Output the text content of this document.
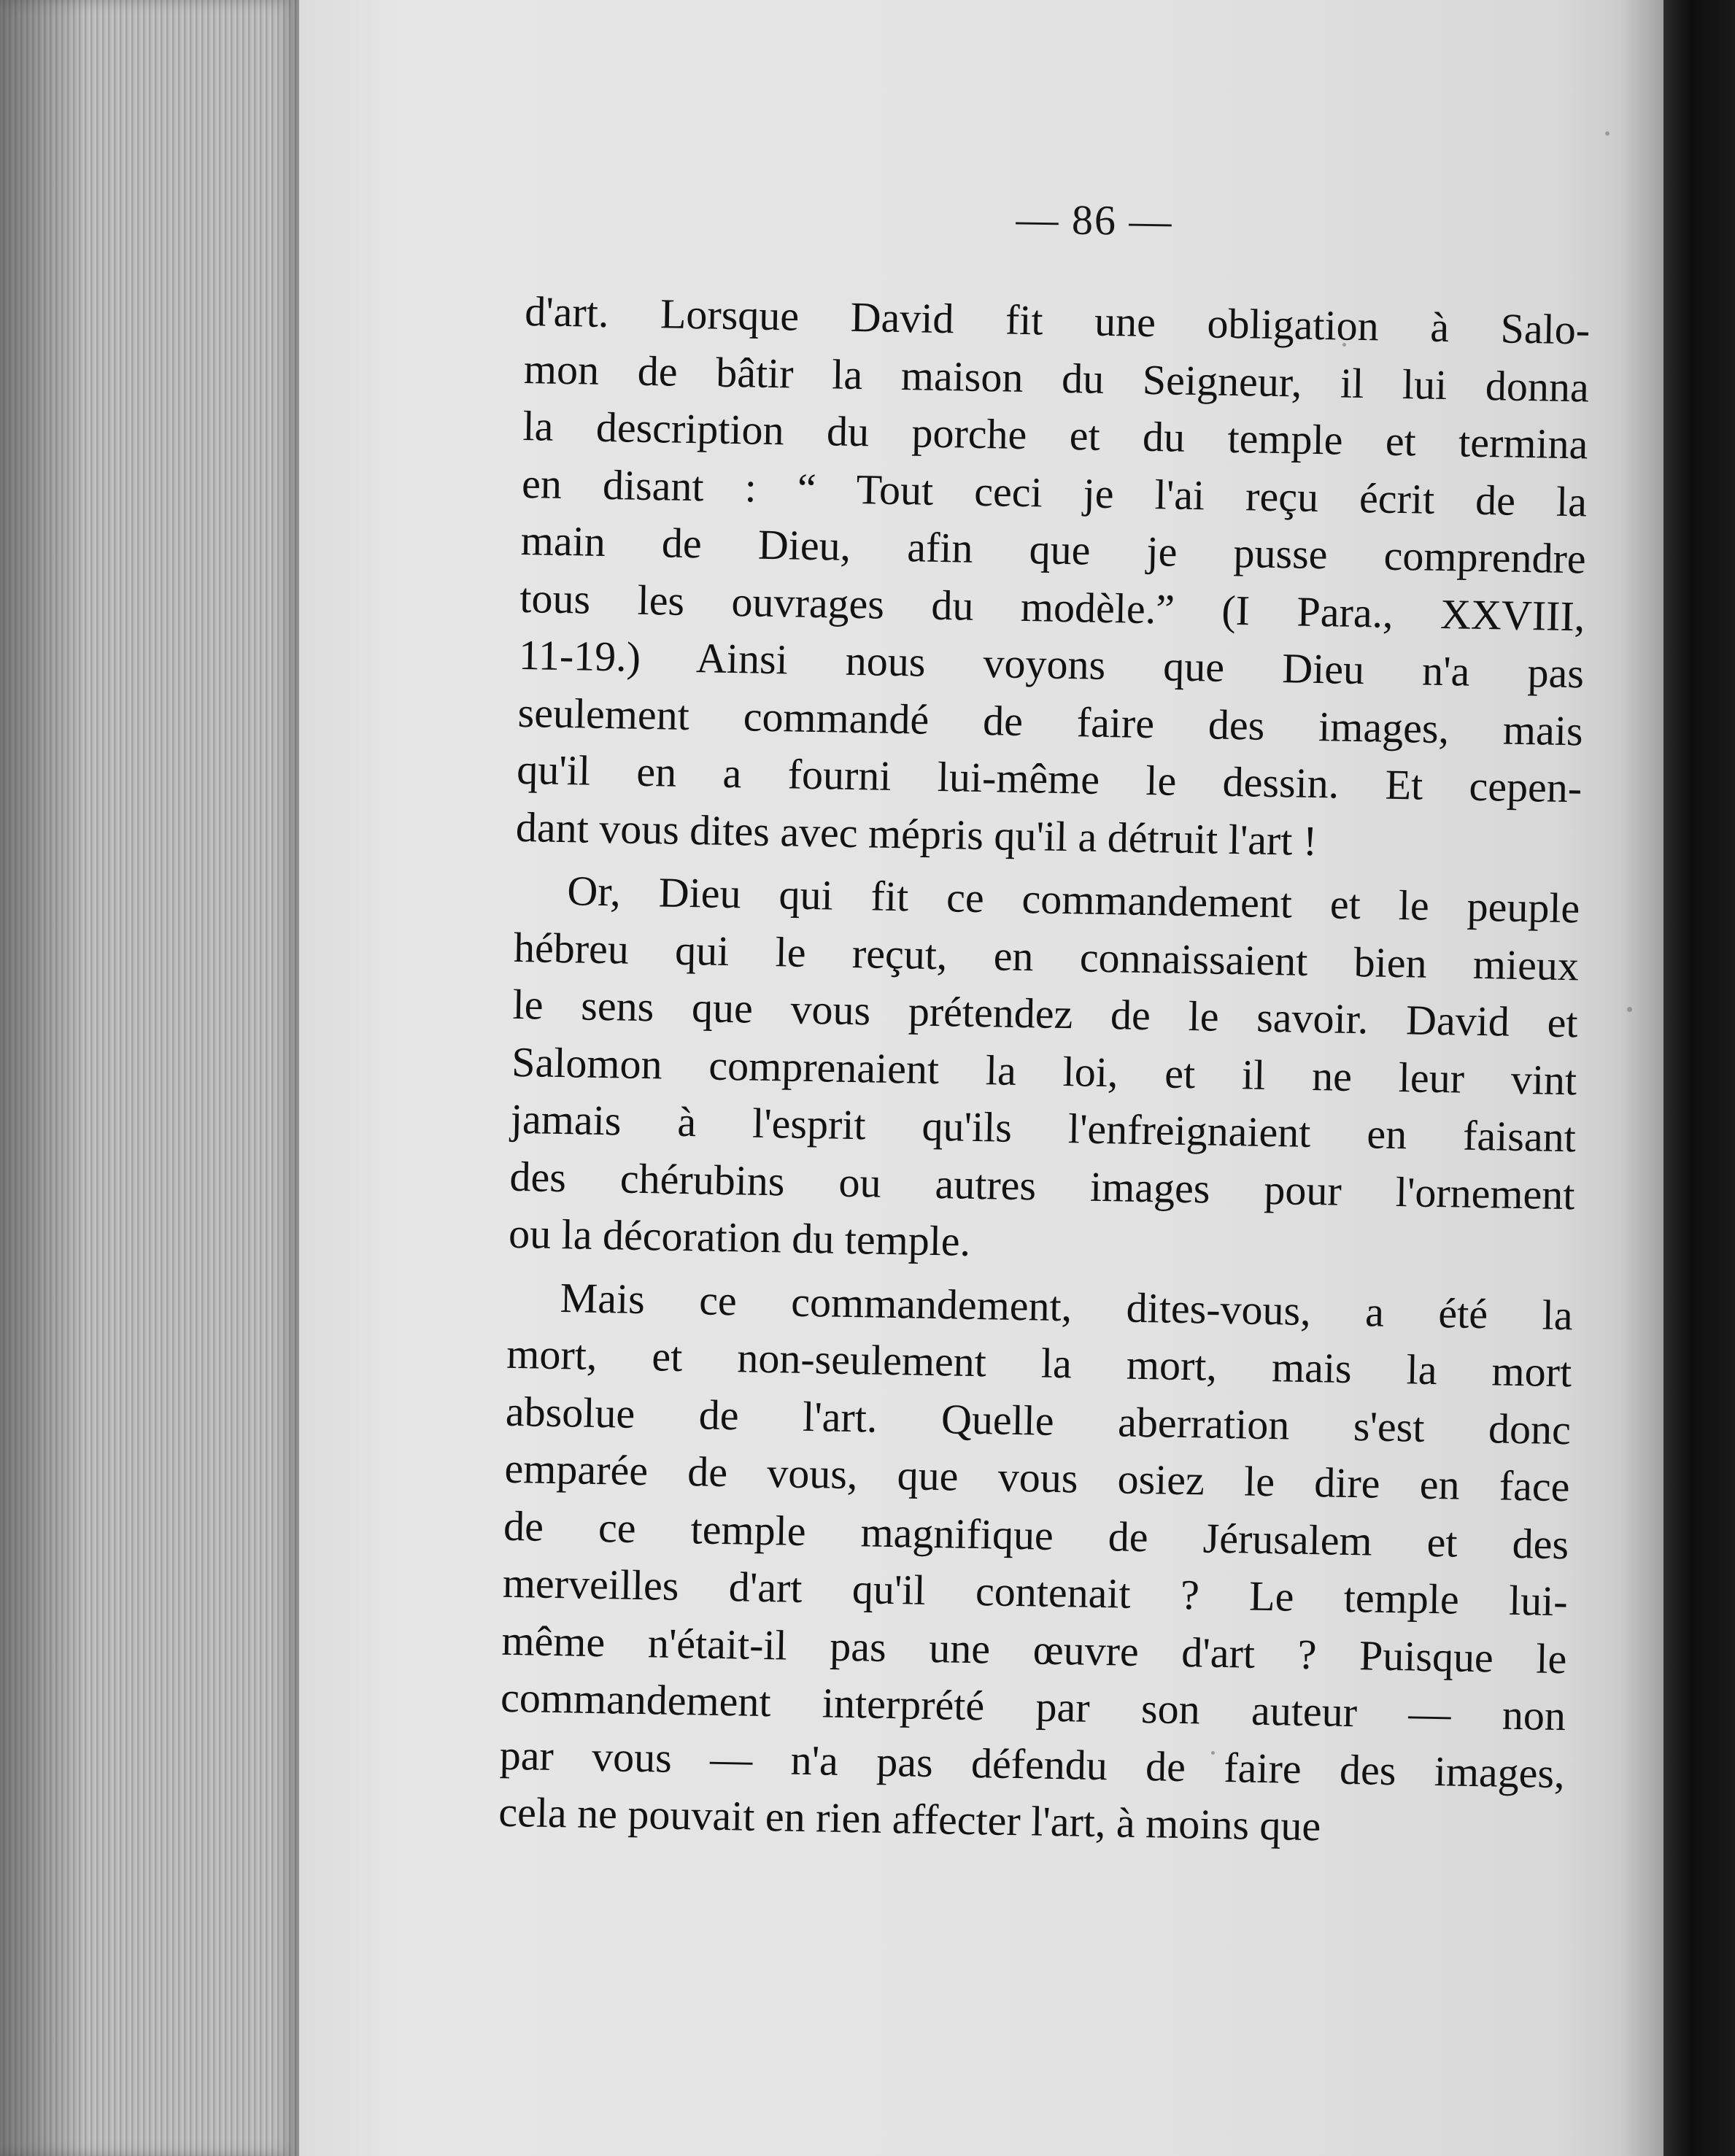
— 86 —
d'art. Lorsque David fit une obligation à Salo-
mon de bâtir la maison du Seigneur, il lui donna
la description du porche et du temple et termina
en disant : “ Tout ceci je l'ai reçu écrit de la
main de Dieu, afin que je pusse comprendre
tous les ouvrages du modèle.” (I Para., XXVIII,
11-19.) Ainsi nous voyons que Dieu n'a pas
seulement commandé de faire des images, mais
qu'il en a fourni lui-même le dessin. Et cepen-
dant vous dites avec mépris qu'il a détruit l'art !
Or, Dieu qui fit ce commandement et le peuple
hébreu qui le reçut, en connaissaient bien mieux
le sens que vous prétendez de le savoir. David et
Salomon comprenaient la loi, et il ne leur vint
jamais à l'esprit qu'ils l'enfreignaient en faisant
des chérubins ou autres images pour l'ornement
ou la décoration du temple.
Mais ce commandement, dites-vous, a été la
mort, et non-seulement la mort, mais la mort
absolue de l'art. Quelle aberration s'est donc
emparée de vous, que vous osiez le dire en face
de ce temple magnifique de Jérusalem et des
merveilles d'art qu'il contenait ? Le temple lui-
même n'était-il pas une œuvre d'art ? Puisque le
commandement interprété par son auteur — non
par vous — n'a pas défendu de faire des images,
cela ne pouvait en rien affecter l'art, à moins que
